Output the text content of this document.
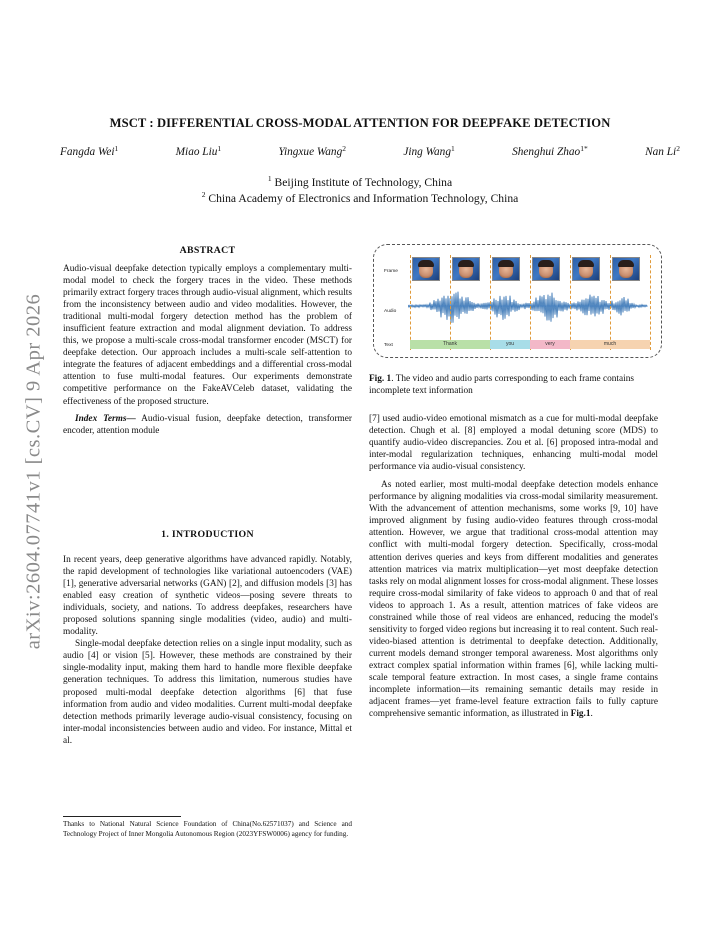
arXiv:2604.07741v1 [cs.CV] 9 Apr 2026
MSCT : DIFFERENTIAL CROSS-MODAL ATTENTION FOR DEEPFAKE DETECTION
Fangda Wei$^1$	Miao Liu$^1$	Yingxue Wang$^2$	Jing Wang$^1$	Shenghui Zhao$^{1*}$	Nan Li$^2$
$^1$ Beijing Institute of Technology, China
$^2$ China Academy of Electronics and Information Technology, China
ABSTRACT
Audio-visual deepfake detection typically employs a complementary multi-modal model to check the forgery traces in the video. These methods primarily extract forgery traces through audio-visual alignment, which results from the inconsistency between audio and video modalities. However, the traditional multi-modal forgery detection method has the problem of insufficient feature extraction and modal alignment deviation. To address this, we propose a multi-scale cross-modal transformer encoder (MSCT) for deepfake detection. Our approach includes a multi-scale self-attention to integrate the features of adjacent embeddings and a differential cross-modal attention to fuse multi-modal features. Our experiments demonstrate competitive performance on the FakeAVCeleb dataset, validating the effectiveness of the proposed structure.
Index Terms— Audio-visual fusion, deepfake detection, transformer encoder, attention module
1. INTRODUCTION
In recent years, deep generative algorithms have advanced rapidly. Notably, the rapid development of technologies like variational autoencoders (VAE) [1], generative adversarial networks (GAN) [2], and diffusion models [3] has enabled easy creation of synthetic videos—posing severe threats to individuals, society, and nations. To address deepfakes, researchers have proposed solutions spanning single modalities (video, audio) and multi-modality.
Single-modal deepfake detection relies on a single input modality, such as audio [4] or vision [5]. However, these methods are constrained by their single-modality input, making them hard to handle more flexible deepfake generation techniques. To address this limitation, numerous studies have proposed multi-modal deepfake detection algorithms [6] that fuse information from audio and video modalities. Current multi-modal deepfake detection methods primarily leverage audio-visual consistency, focusing on inter-modal inconsistencies between audio and video. For instance, Mittal et al.
Thanks to National Natural Science Foundation of China(No.62571037) and Science and Technology Project of Inner Mongolia Autonomous Region (2023YFSW0006) agency for funding.
Frame
Audio
Text	Thank	you	very	much
Fig. 1. The video and audio parts corresponding to each frame contains incomplete text information
[7] used audio-video emotional mismatch as a cue for multi-modal deepfake detection. Chugh et al. [8] employed a modal detuning score (MDS) to quantify audio-video discrepancies. Zou et al. [6] proposed intra-modal and inter-modal regularization techniques, enhancing multi-modal model performance via audio-visual consistency.
As noted earlier, most multi-modal deepfake detection models enhance performance by aligning modalities via cross-modal similarity measurement. With the advancement of attention mechanisms, some works [9, 10] have improved alignment by fusing audio-video features through cross-modal attention. However, we argue that traditional cross-modal attention may conflict with multi-modal forgery detection. Specifically, cross-modal attention derives queries and keys from different modalities and generates attention matrices via matrix multiplication—yet most deepfake detection tasks rely on modal alignment losses for cross-modal alignment. These losses require cross-modal similarity of fake videos to approach 0 and that of real videos to approach 1. As a result, attention matrices of fake videos are constrained while those of real videos are enhanced, reducing the model's sensitivity to forged video regions but increasing it to real content. Such real-video-biased attention is detrimental to deepfake detection. Additionally, current models demand stronger temporal awareness. Most algorithms only extract complex spatial information within frames [6], while lacking multi-scale temporal feature extraction. In most cases, a single frame contains incomplete information—its remaining semantic details may reside in adjacent frames—yet frame-level feature extraction fails to fully capture comprehensive semantic information, as illustrated in Fig.1.
